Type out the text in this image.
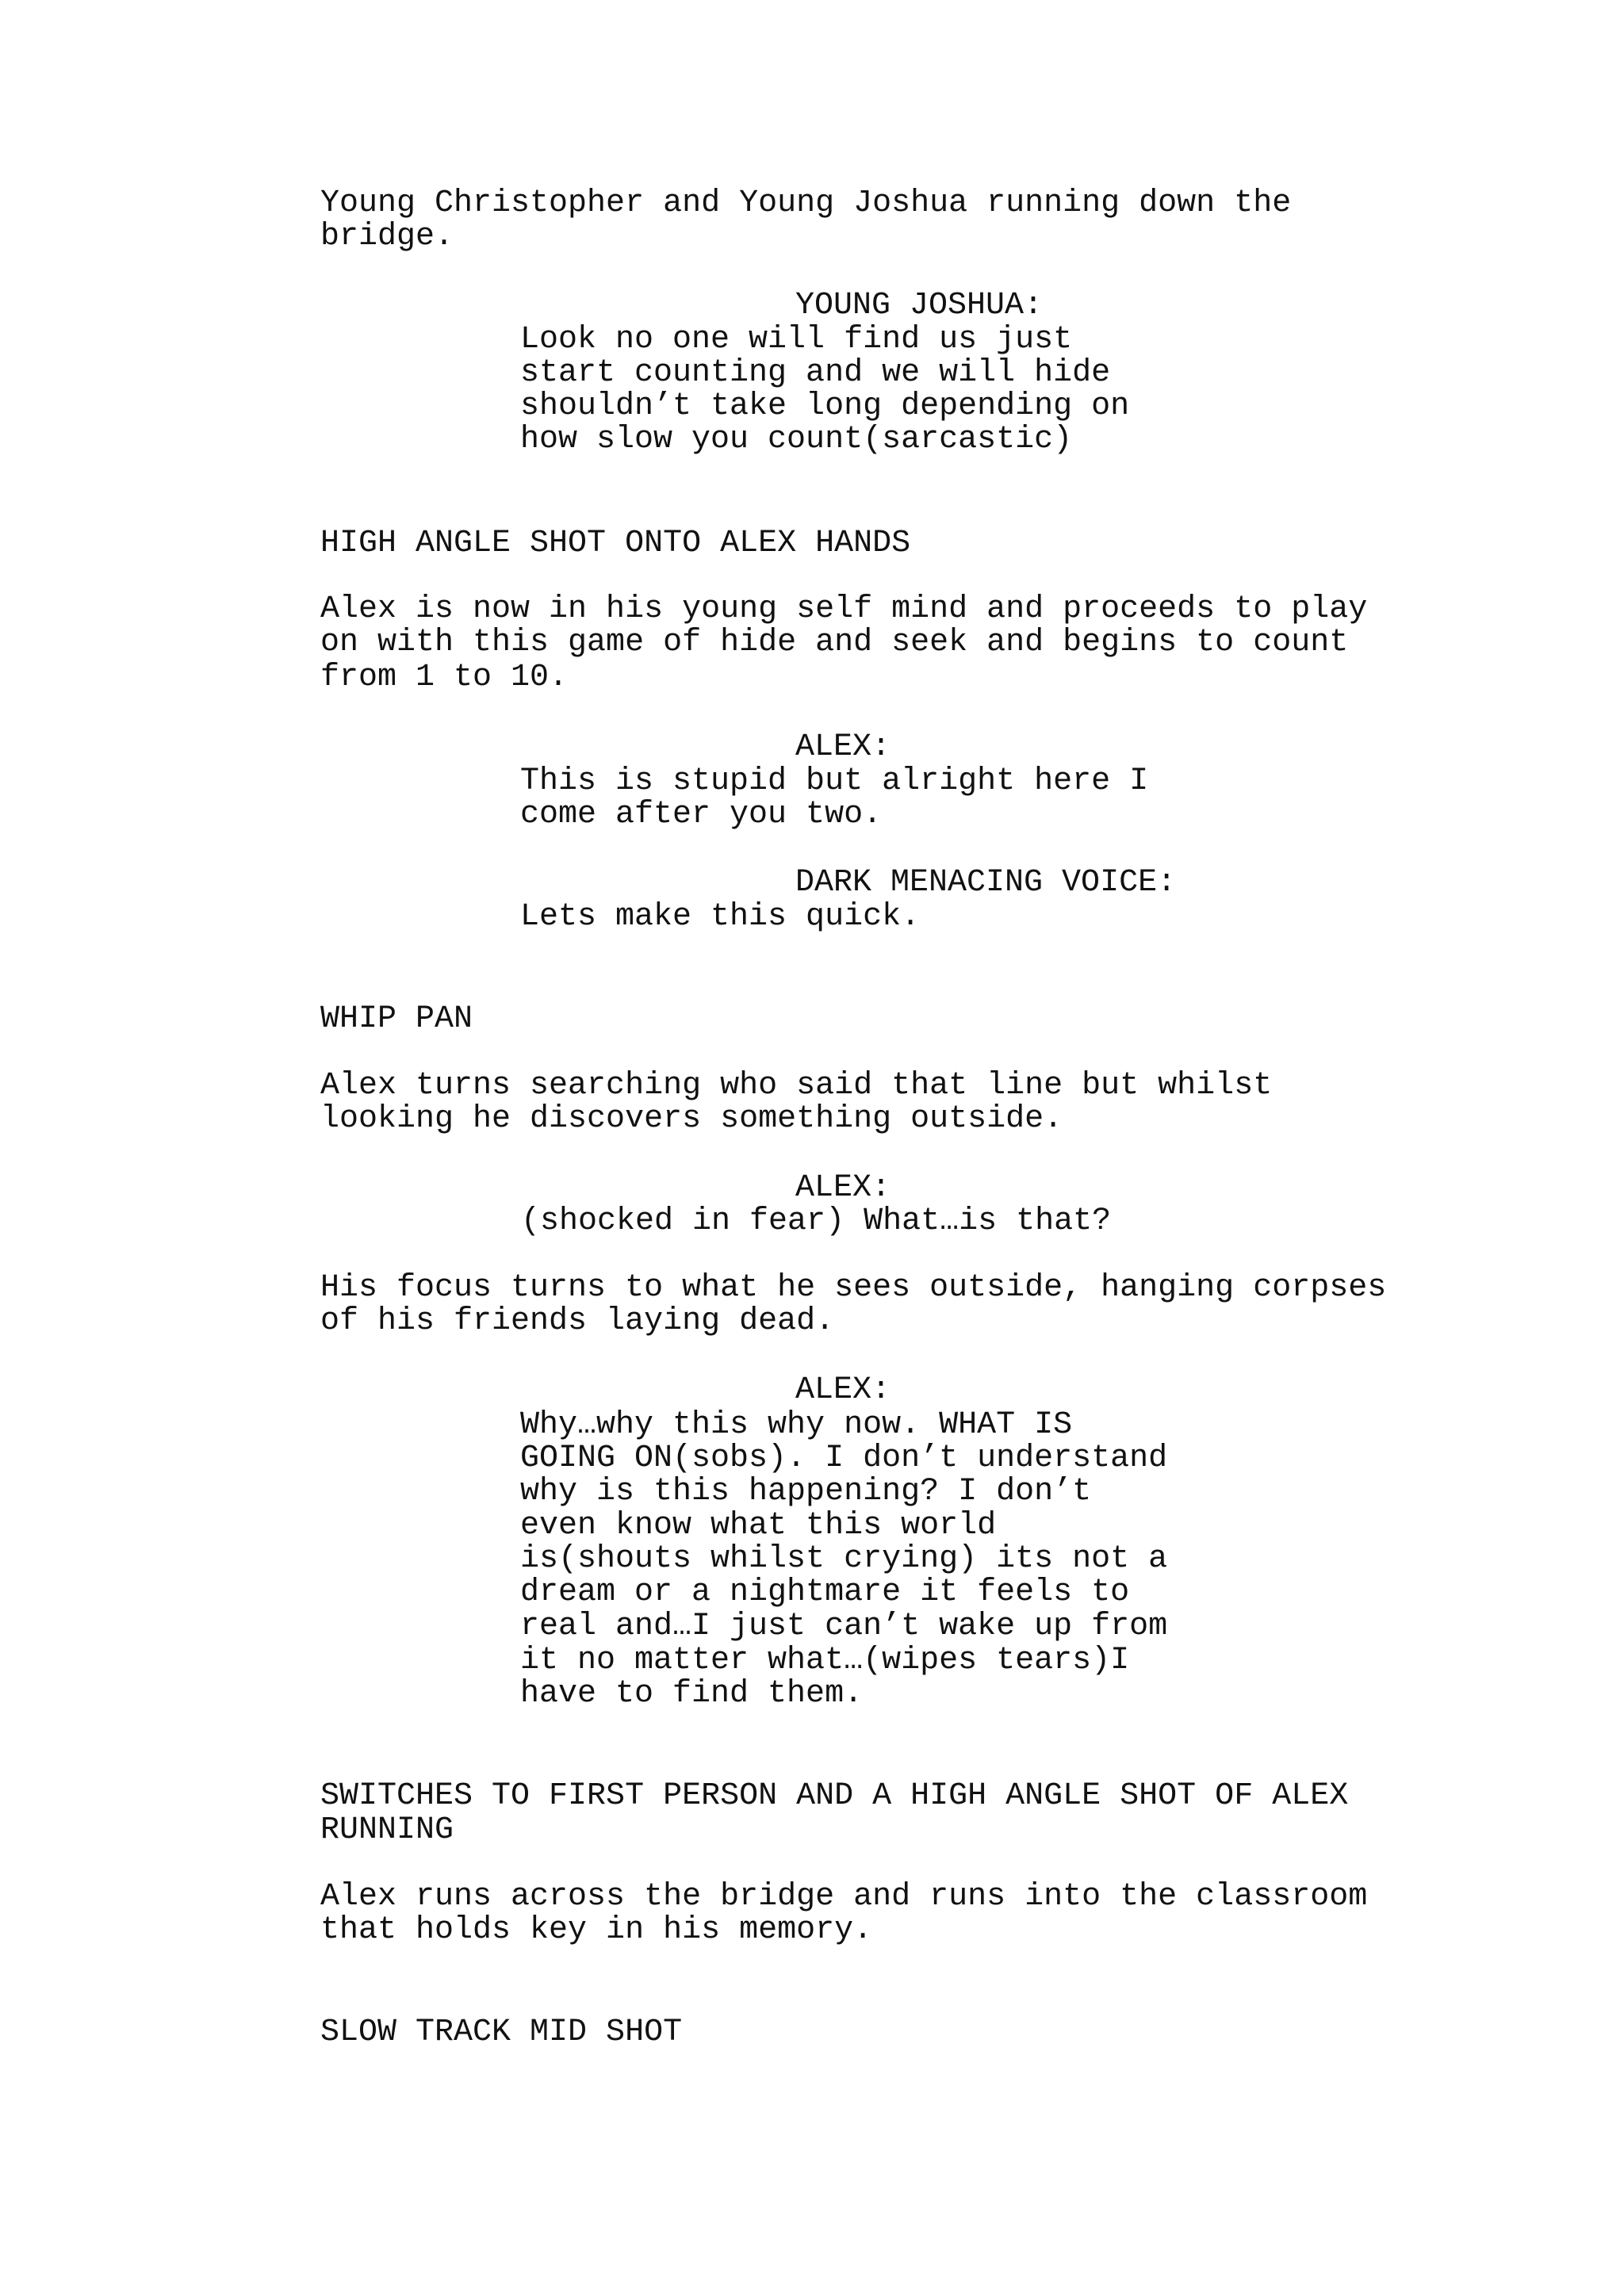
Young Christopher and Young Joshua running down the
bridge.
YOUNG JOSHUA:
Look no one will find us just
start counting and we will hide
shouldn’t take long depending on
how slow you count(sarcastic)
HIGH ANGLE SHOT ONTO ALEX HANDS
Alex is now in his young self mind and proceeds to play
on with this game of hide and seek and begins to count
from 1 to 10.
ALEX:
This is stupid but alright here I
come after you two.
DARK MENACING VOICE:
Lets make this quick.
WHIP PAN
Alex turns searching who said that line but whilst
looking he discovers something outside.
ALEX:
(shocked in fear) What…is that?
His focus turns to what he sees outside, hanging corpses
of his friends laying dead.
ALEX:
Why…why this why now. WHAT IS
GOING ON(sobs). I don’t understand
why is this happening? I don’t
even know what this world
is(shouts whilst crying) its not a
dream or a nightmare it feels to
real and…I just can’t wake up from
it no matter what…(wipes tears)I
have to find them.
SWITCHES TO FIRST PERSON AND A HIGH ANGLE SHOT OF ALEX
RUNNING
Alex runs across the bridge and runs into the classroom
that holds key in his memory.
SLOW TRACK MID SHOT
